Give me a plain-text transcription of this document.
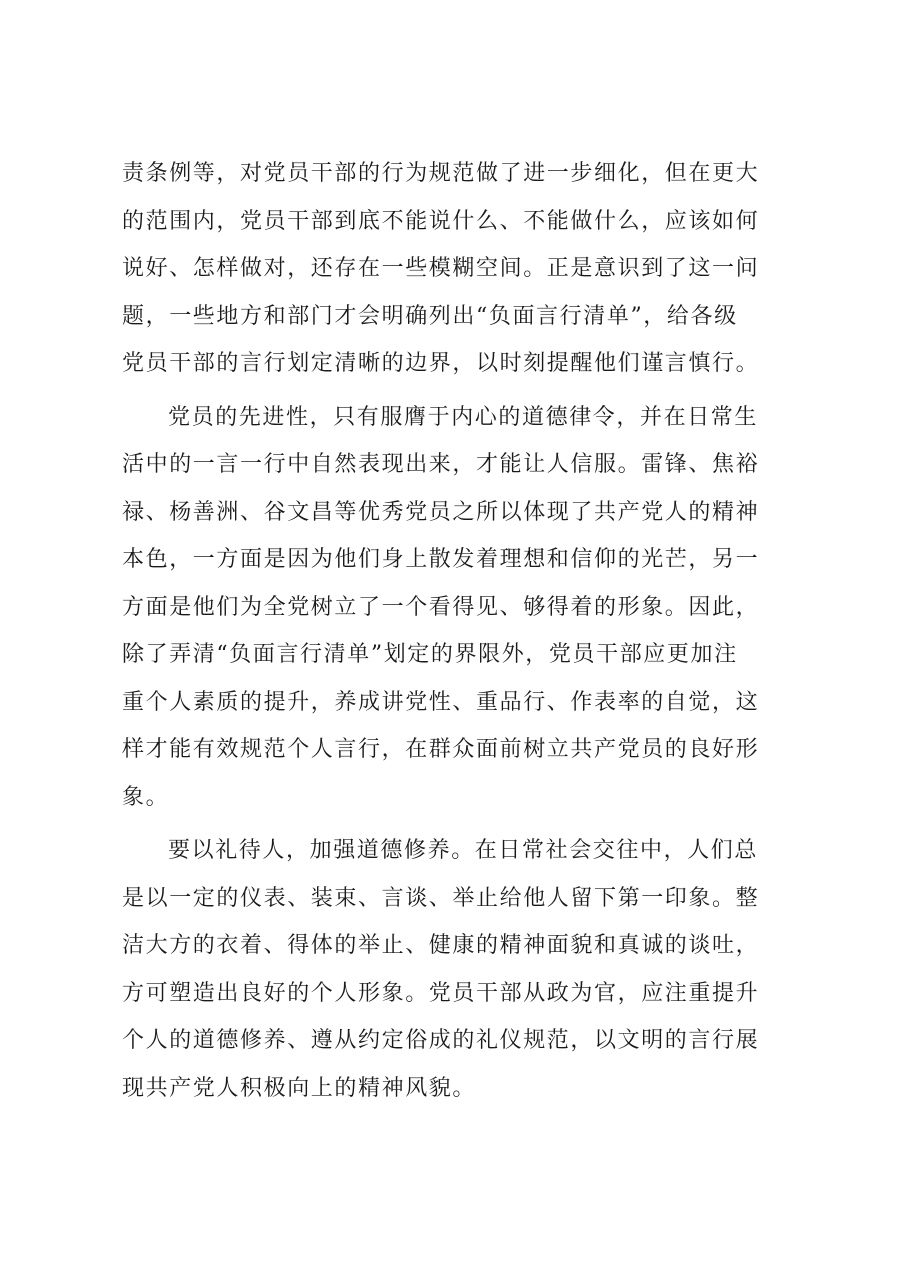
责条例等，对党员干部的行为规范做了进一步细化，但在更大
的范围内，党员干部到底不能说什么、不能做什么，应该如何
说好、怎样做对，还存在一些模糊空间。正是意识到了这一问
题，一些地方和部门才会明确列出“负面言行清单”，给各级
党员干部的言行划定清晰的边界，以时刻提醒他们谨言慎行。
党员的先进性，只有服膺于内心的道德律令，并在日常生
活中的一言一行中自然表现出来，才能让人信服。雷锋、焦裕
禄、杨善洲、谷文昌等优秀党员之所以体现了共产党人的精神
本色，一方面是因为他们身上散发着理想和信仰的光芒，另一
方面是他们为全党树立了一个看得见、够得着的形象。因此，
除了弄清“负面言行清单”划定的界限外，党员干部应更加注
重个人素质的提升，养成讲党性、重品行、作表率的自觉，这
样才能有效规范个人言行，在群众面前树立共产党员的良好形
象。
要以礼待人，加强道德修养。在日常社会交往中，人们总
是以一定的仪表、装束、言谈、举止给他人留下第一印象。整
洁大方的衣着、得体的举止、健康的精神面貌和真诚的谈吐，
方可塑造出良好的个人形象。党员干部从政为官，应注重提升
个人的道德修养、遵从约定俗成的礼仪规范，以文明的言行展
现共产党人积极向上的精神风貌。
